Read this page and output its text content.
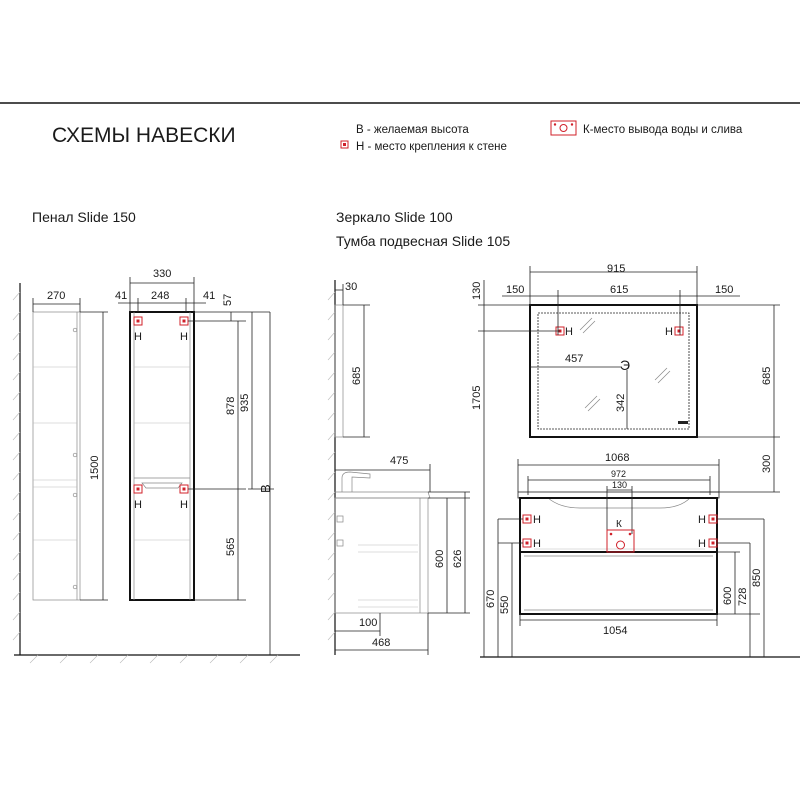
СХЕМЫ НАВЕСКИ	В - желаемая высота
Н - место крепления к стене
К-место вывода воды и слива
Пенал Slide 150	Зеркало Slide 100
Тумба подвесная Slide 105
270
1500
Н	Н
Н	Н
330
41 248	41 57
878 935
565
В
30
685
475
600 626
100
468
Н	Н
915
150	615	150
130
1705
457	Э
342
685
300
1068
972
130
К
Н	Н
Н	Н
670 550
1054
600 728
850
